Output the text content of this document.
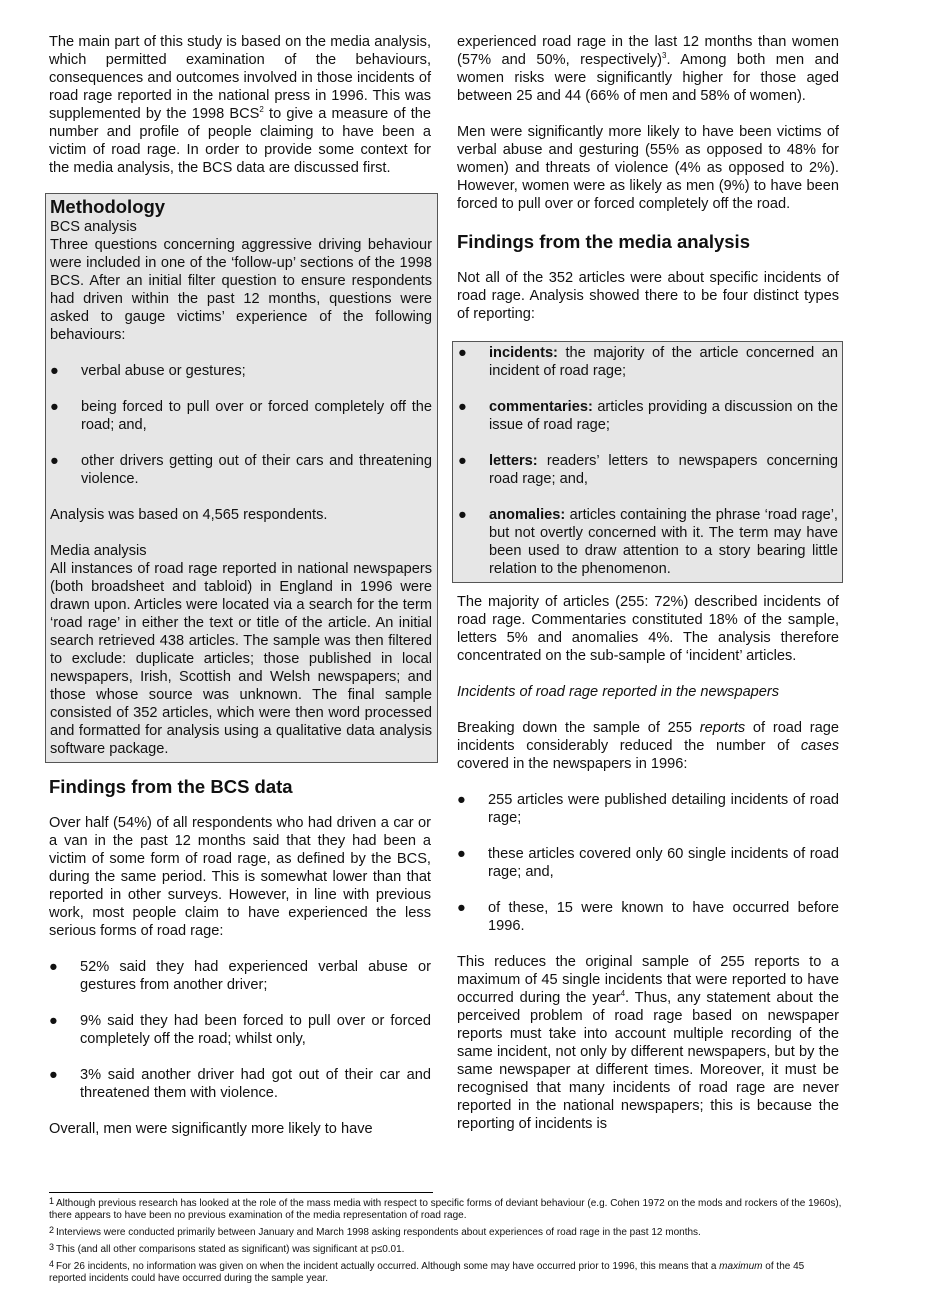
The main part of this study is based on the media analysis, which permitted examination of the behaviours, consequences and outcomes involved in those incidents of road rage reported in the national press in 1996. This was supplemented by the 1998 BCS$^2$ to give a measure of the number and profile of people claiming to have been a victim of road rage. In order to provide some context for the media analysis, the BCS data are discussed first.

Methodology
BCS analysis

Three questions concerning aggressive driving behaviour were included in one of the ‘follow-up’ sections of the 1998 BCS. After an initial filter question to ensure respondents had driven within the past 12 months, questions were asked to gauge victims’ experience of the following behaviours:

● verbal abuse or gestures;
● being forced to pull over or forced completely off the road; and,
● other drivers getting out of their cars and threatening violence.

Analysis was based on 4,565 respondents.

Media analysis

All instances of road rage reported in national newspapers (both broadsheet and tabloid) in England in 1996 were drawn upon. Articles were located via a search for the term ‘road rage’ in either the text or title of the article. An initial search retrieved 438 articles. The sample was then filtered to exclude: duplicate articles; those published in local newspapers, Irish, Scottish and Welsh newspapers; and those whose source was unknown. The final sample consisted of 352 articles, which were then word processed and formatted for analysis using a qualitative data analysis software package.

Findings from the BCS data

Over half (54%) of all respondents who had driven a car or a van in the past 12 months said that they had been a victim of some form of road rage, as defined by the BCS, during the same period. This is somewhat lower than that reported in other surveys. However, in line with previous work, most people claim to have experienced the less serious forms of road rage:

● 52% said they had experienced verbal abuse or gestures from another driver;
● 9% said they had been forced to pull over or forced completely off the road; whilst only,
● 3% said another driver had got out of their car and threatened them with violence.

Overall, men were significantly more likely to have

experienced road rage in the last 12 months than women (57% and 50%, respectively)$^3$. Among both men and women risks were significantly higher for those aged between 25 and 44 (66% of men and 58% of women).

Men were significantly more likely to have been victims of verbal abuse and gesturing (55% as opposed to 48% for women) and threats of violence (4% as opposed to 2%). However, women were as likely as men (9%) to have been forced to pull over or forced completely off the road.

Findings from the media analysis

Not all of the 352 articles were about specific incidents of road rage. Analysis showed there to be four distinct types of reporting:

● incidents: the majority of the article concerned an incident of road rage;
● commentaries: articles providing a discussion on the issue of road rage;
● letters: readers’ letters to newspapers concerning road rage; and,
● anomalies: articles containing the phrase ‘road rage’, but not overtly concerned with it. The term may have been used to draw attention to a story bearing little relation to the phenomenon.

The majority of articles (255: 72%) described incidents of road rage. Commentaries constituted 18% of the sample, letters 5% and anomalies 4%. The analysis therefore concentrated on the sub-sample of ‘incident’ articles.

Incidents of road rage reported in the newspapers

Breaking down the sample of 255 reports of road rage incidents considerably reduced the number of cases covered in the newspapers in 1996:

● 255 articles were published detailing incidents of road rage;
● these articles covered only 60 single incidents of road rage; and,
● of these, 15 were known to have occurred before 1996.

This reduces the original sample of 255 reports to a maximum of 45 single incidents that were reported to have occurred during the year$^4$. Thus, any statement about the perceived problem of road rage based on newspaper reports must take into account multiple recording of the same incident, not only by different newspapers, but by the same newspaper at different times. Moreover, it must be recognised that many incidents of road rage are never reported in the national newspapers; this is because the reporting of incidents is

$^1$ Although previous research has looked at the role of the mass media with respect to specific forms of deviant behaviour (e.g. Cohen 1972 on the mods and rockers of the 1960s), there appears to have been no previous examination of the media representation of road rage.
$^2$ Interviews were conducted primarily between January and March 1998 asking respondents about experiences of road rage in the past 12 months.
$^3$ This (and all other comparisons stated as significant) was significant at p≤0.01.
$^4$ For 26 incidents, no information was given on when the incident actually occurred. Although some may have occurred prior to 1996, this means that a maximum of the 45 reported incidents could have occurred during the sample year.
